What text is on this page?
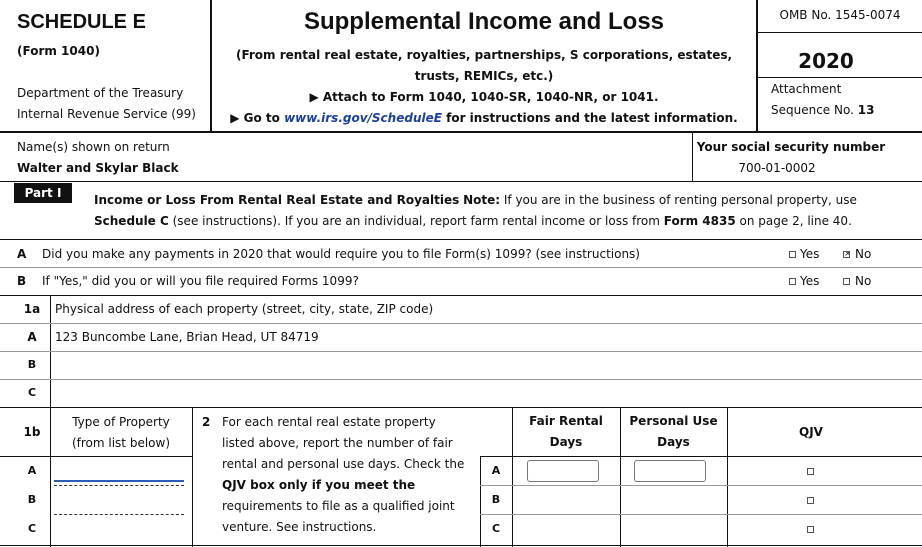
SCHEDULE E
(Form 1040)
Department of the Treasury
Internal Revenue Service (99)
Supplemental Income and Loss
(From rental real estate, royalties, partnerships, S corporations, estates,
trusts, REMICs, etc.)
▶ Attach to Form 1040, 1040-SR, 1040-NR, or 1041.
▶ Go to www.irs.gov/ScheduleE for instructions and the latest information.
OMB No. 1545-0074
2020
Attachment
Sequence No. 13
Name(s) shown on return
Walter and Skylar Black
Your social security number
700-01-0002
Part I	Income or Loss From Rental Real Estate and Royalties Note: If you are in the business of renting personal property, use
Schedule C (see instructions). If you are an individual, report farm rental income or loss from Form 4835 on page 2, line 40.
A Did you make any payments in 2020 that would require you to file Form(s) 1099? (see instructions)	Yes
×	No
B If "Yes," did you or will you file required Forms 1099?	Yes	No
1a	Physical address of each property (street, city, state, ZIP code)
A	123 Buncombe Lane, Brian Head, UT 84719
B
C
1b
Type of Property
(from list below)
2 For each rental real estate property
listed above, report the number of fair
rental and personal use days. Check the
QJV box only if you meet the
requirements to file as a qualified joint
venture. See instructions.
Fair Rental
Days
Personal Use
Days
QJV
A
B
C
A
B
C
